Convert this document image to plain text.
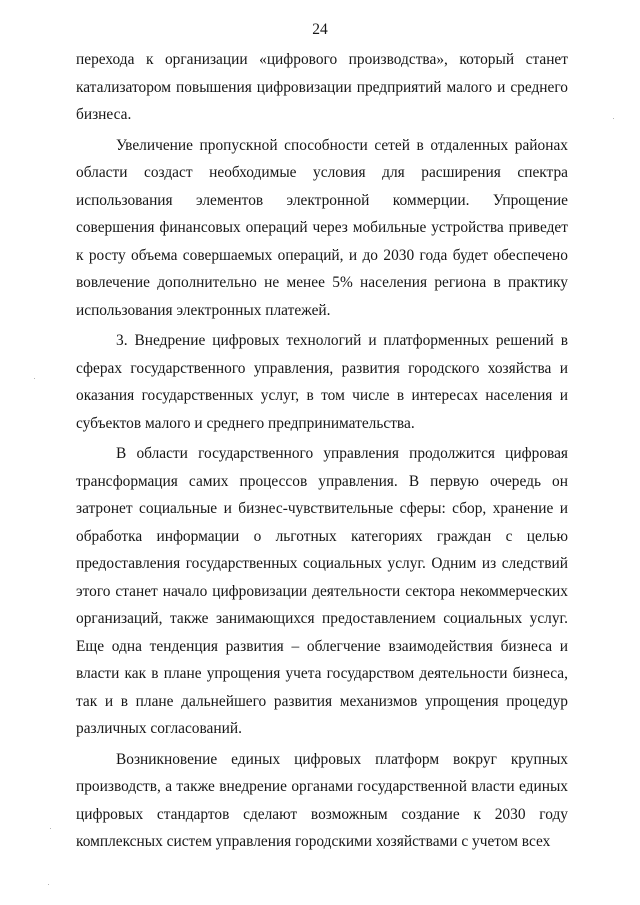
24

перехода к организации «цифрового производства», который станет катализатором повышения цифровизации предприятий малого и среднего бизнеса.

Увеличение пропускной способности сетей в отдаленных районах области создаст необходимые условия для расширения спектра использования элементов электронной коммерции. Упрощение совершения финансовых операций через мобильные устройства приведет к росту объема совершаемых операций, и до 2030 года будет обеспечено вовлечение дополнительно не менее 5% населения региона в практику использования электронных платежей.

3. Внедрение цифровых технологий и платформенных решений в сферах государственного управления, развития городского хозяйства и оказания государственных услуг, в том числе в интересах населения и субъектов малого и среднего предпринимательства.

В области государственного управления продолжится цифровая трансформация самих процессов управления. В первую очередь он затронет социальные и бизнес-чувствительные сферы: сбор, хранение и обработка информации о льготных категориях граждан с целью предоставления государственных социальных услуг. Одним из следствий этого станет начало цифровизации деятельности сектора некоммерческих организаций, также занимающихся предоставлением социальных услуг. Еще одна тенденция развития – облегчение взаимодействия бизнеса и власти как в плане упрощения учета государством деятельности бизнеса, так и в плане дальнейшего развития механизмов упрощения процедур различных согласований.

Возникновение единых цифровых платформ вокруг крупных производств, а также внедрение органами государственной власти единых цифровых стандартов сделают возможным создание к 2030 году комплексных систем управления городскими хозяйствами с учетом всех
